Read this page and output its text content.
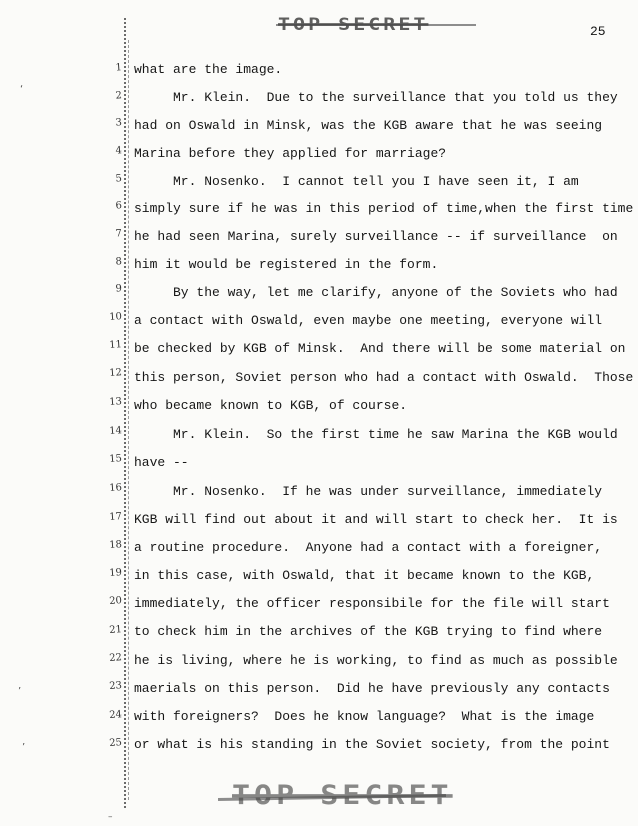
TOP SECRET	25
1
2
3
4
5
6
7
8
9
10
11
12
13
14
15
16
17
18
19
20
21
22
23
24
25
what are the image.
Mr. Klein.  Due to the surveillance that you told us they
had on Oswald in Minsk, was the KGB aware that he was seeing
Marina before they applied for marriage?
Mr. Nosenko.  I cannot tell you I have seen it, I am
simply sure if he was in this period of time,when the first time
he had seen Marina, surely surveillance -- if surveillance  on
him it would be registered in the form.
By the way, let me clarify, anyone of the Soviets who had
a contact with Oswald, even maybe one meeting, everyone will
be checked by KGB of Minsk.  And there will be some material on
this person, Soviet person who had a contact with Oswald.  Those
who became known to KGB, of course.
Mr. Klein.  So the first time he saw Marina the KGB would
have --
Mr. Nosenko.  If he was under surveillance, immediately
KGB will find out about it and will start to check her.  It is
a routine procedure.  Anyone had a contact with a foreigner,
in this case, with Oswald, that it became known to the KGB,
immediately, the officer responsibile for the file will start
to check him in the archives of the KGB trying to find where
he is living, where he is working, to find as much as possible
maerials on this person.  Did he have previously any contacts
with foreigners?  Does he know language?  What is the image
or what is his standing in the Soviet society, from the point
TOP SECRET
‘
’
’
–
